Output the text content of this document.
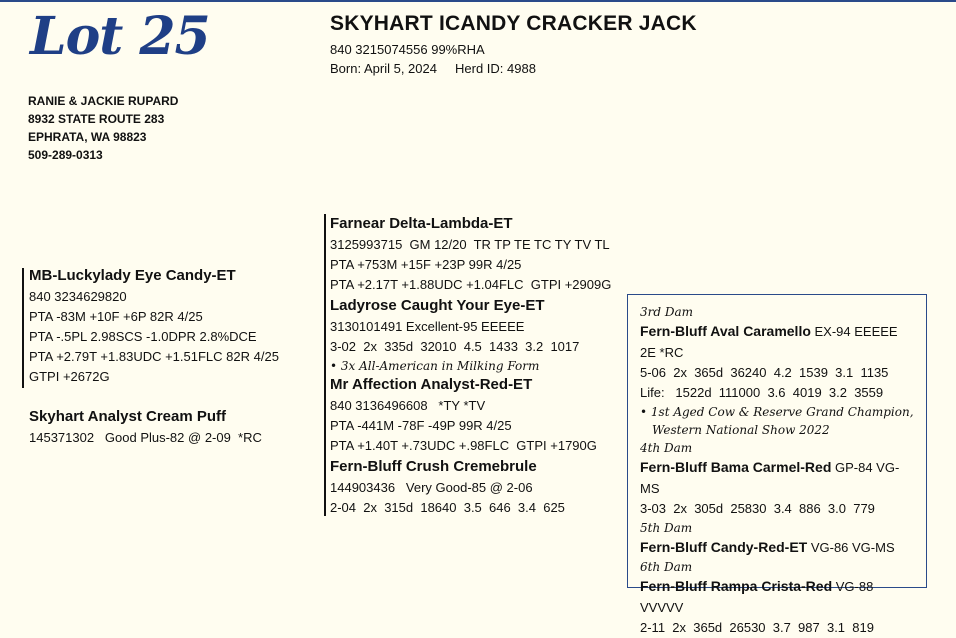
Lot 25
RANIE & JACKIE RUPARD
8932 STATE ROUTE 283
EPHRATA, WA 98823
509-289-0313
SKYHART ICANDY CRACKER JACK
840 3215074556 99%RHA
Born: April 5, 2024     Herd ID: 4988
MB-Luckylady Eye Candy-ET
840 3234629820
PTA -83M +10F +6P 82R 4/25
PTA -.5PL 2.98SCS -1.0DPR 2.8%DCE
PTA +2.79T +1.83UDC +1.51FLC 82R 4/25
GTPI +2672G
Skyhart Analyst Cream Puff
145371302   Good Plus-82 @ 2-09  *RC
Farnear Delta-Lambda-ET
3125993715  GM 12/20  TR TP TE TC TY TV TL
PTA +753M +15F +23P 99R 4/25
PTA +2.17T +1.88UDC +1.04FLC  GTPI +2909G
Ladyrose Caught Your Eye-ET
3130101491 Excellent-95 EEEEE
3-02  2x  335d  32010  4.5  1433  3.2  1017
• 3x All-American in Milking Form
Mr Affection Analyst-Red-ET
840 3136496608   *TY *TV
PTA -441M -78F -49P 99R 4/25
PTA +1.40T +.73UDC +.98FLC  GTPI +1790G
Fern-Bluff Crush Cremebrule
144903436   Very Good-85 @ 2-06
2-04  2x  315d  18640  3.5  646  3.4  625
3rd Dam
Fern-Bluff Aval Caramello EX-94 EEEEE 2E *RC
5-06  2x  365d  36240  4.2  1539  3.1  1135
Life:   1522d  111000  3.6  4019  3.2  3559
• 1st Aged Cow & Reserve Grand Champion,
Western National Show 2022
4th Dam
Fern-Bluff Bama Carmel-Red GP-84 VG-MS
3-03  2x  305d  25830  3.4  886  3.0  779
5th Dam
Fern-Bluff Candy-Red-ET VG-86 VG-MS
6th Dam
Fern-Bluff Rampa Crista-Red VG-88 VVVVV
2-11  2x  365d  26530  3.7  987  3.1  819
